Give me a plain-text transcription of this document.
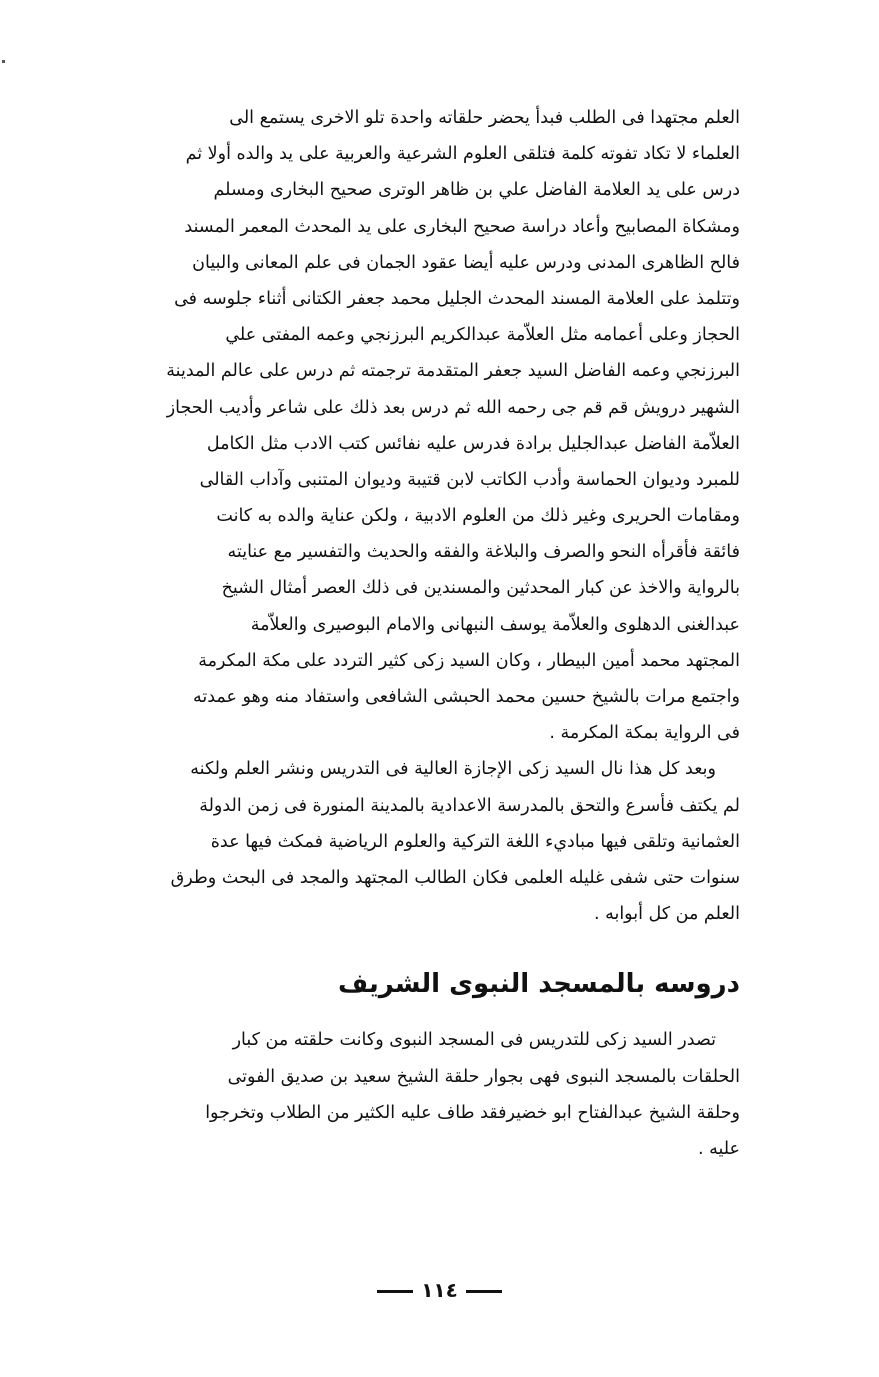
العلم مجتهدا فى الطلب فبدأ يحضر حلقاته واحدة تلو الاخرى يستمع الى

العلماء لا تكاد تفوته كلمة فتلقى العلوم الشرعية والعربية على يد والده أولا ثم

درس على يد العلامة الفاضل علي بن ظاهر الوترى صحيح البخارى ومسلم

ومشكاة المصابيح وأعاد دراسة صحيح البخارى على يد المحدث المعمر المسند

فالح الظاهرى المدنى ودرس عليه أيضا عقود الجمان فى علم المعانى والبيان

وتتلمذ على العلامة المسند المحدث الجليل محمد جعفر الكتانى أثناء جلوسه فى

الحجاز وعلى أعمامه مثل العلاّمة عبدالكريم البرزنجي وعمه المفتى علي

البرزنجي وعمه الفاضل السيد جعفر المتقدمة ترجمته ثم درس على عالم المدينة

الشهير درويش قم قم جى رحمه الله ثم درس بعد ذلك على شاعر وأديب الحجاز

العلاّمة الفاضل عبدالجليل برادة فدرس عليه نفائس كتب الادب مثل الكامل

للمبرد وديوان الحماسة وأدب الكاتب لابن قتيبة وديوان المتنبى وآداب القالى

ومقامات الحريرى وغير ذلك من العلوم الادبية ، ولكن عناية والده به كانت

فائقة فأقرأه النحو والصرف والبلاغة والفقه والحديث والتفسير مع عنايته

بالرواية والاخذ عن كبار المحدثين والمسندين فى ذلك العصر أمثال الشيخ

عبدالغنى الدهلوى والعلاّمة يوسف النبهانى والامام البوصيرى والعلاّمة

المجتهد محمد أمين البيطار ، وكان السيد زكى كثير التردد على مكة المكرمة

واجتمع مرات بالشيخ حسين محمد الحبشى الشافعى واستفاد منه وهو عمدته

فى الرواية بمكة المكرمة .

وبعد كل هذا نال السيد زكى الإجازة العالية فى التدريس ونشر العلم ولكنه

لم يكتف فأسرع والتحق بالمدرسة الاعدادية بالمدينة المنورة فى زمن الدولة

العثمانية وتلقى فيها مباديء اللغة التركية والعلوم الرياضية فمكث فيها عدة

سنوات حتى شفى غليله العلمى فكان الطالب المجتهد والمجد فى البحث وطرق

العلم من كل أبوابه .

دروسه بالمسجد النبوى الشريف

تصدر السيد زكى للتدريس فى المسجد النبوى وكانت حلقته من كبار

الحلقات بالمسجد النبوى فهى بجوار حلقة الشيخ سعيد بن صديق الفوتى

وحلقة الشيخ عبدالفتاح ابو خضيرفقد طاف عليه الكثير من الطلاب وتخرجوا

عليه .

١١٤
